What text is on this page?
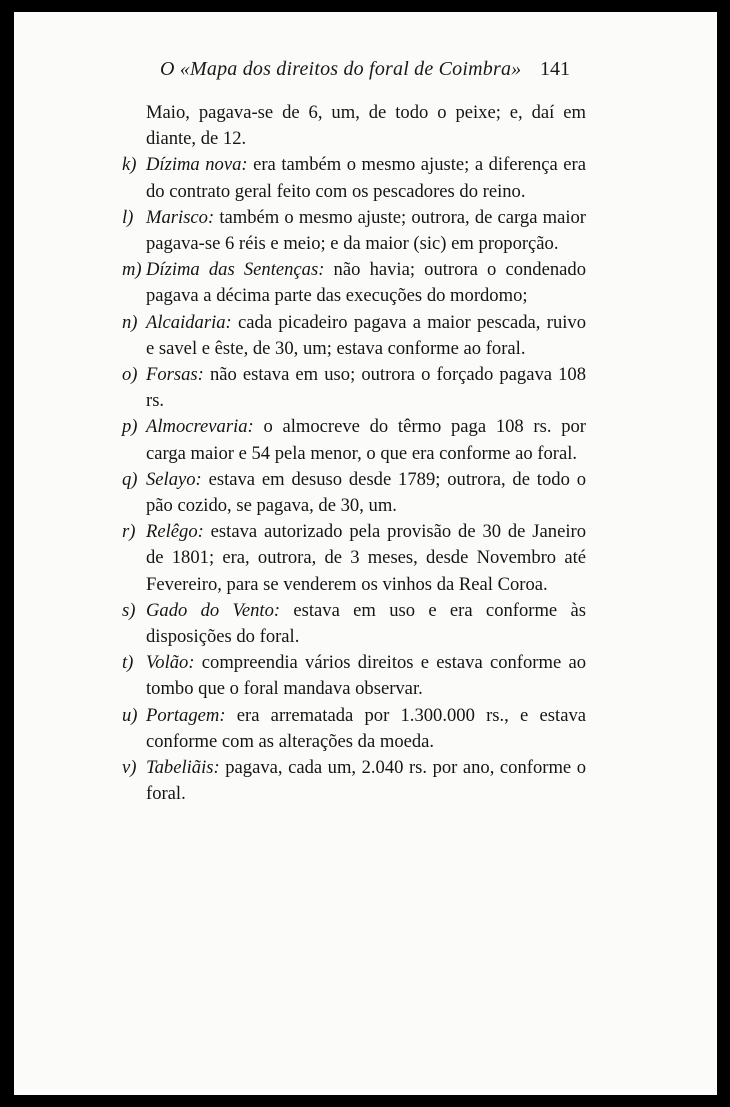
O «Mapa dos direitos do foral de Coimbra» 141

Maio, pagava-se de 6, um, de todo o peixe; e, daí em diante, de 12.

k) Dízima nova: era também o mesmo ajuste; a diferença era do contrato geral feito com os pescadores do reino.
l) Marisco: também o mesmo ajuste; outrora, de carga maior pagava-se 6 réis e meio; e da maior (sic) em proporção.
m) Dízima das Sentenças: não havia; outrora o condenado pagava a décima parte das execuções do mordomo;
n) Alcaidaria: cada picadeiro pagava a maior pescada, ruivo e savel e êste, de 30, um; estava conforme ao foral.
o) Forsas: não estava em uso; outrora o forçado pagava 108 rs.
p) Almocrevaria: o almocreve do têrmo paga 108 rs. por carga maior e 54 pela menor, o que era conforme ao foral.
q) Selayo: estava em desuso desde 1789; outrora, de todo o pão cozido, se pagava, de 30, um.
r) Relêgo: estava autorizado pela provisão de 30 de Janeiro de 1801; era, outrora, de 3 meses, desde Novembro até Fevereiro, para se venderem os vinhos da Real Coroa.
s) Gado do Vento: estava em uso e era conforme às disposições do foral.
t) Volão: compreendia vários direitos e estava conforme ao tombo que o foral mandava observar.
u) Portagem: era arrematada por 1.300.000 rs., e estava conforme com as alterações da moeda.
v) Tabeliãis: pagava, cada um, 2.040 rs. por ano, conforme o foral.
